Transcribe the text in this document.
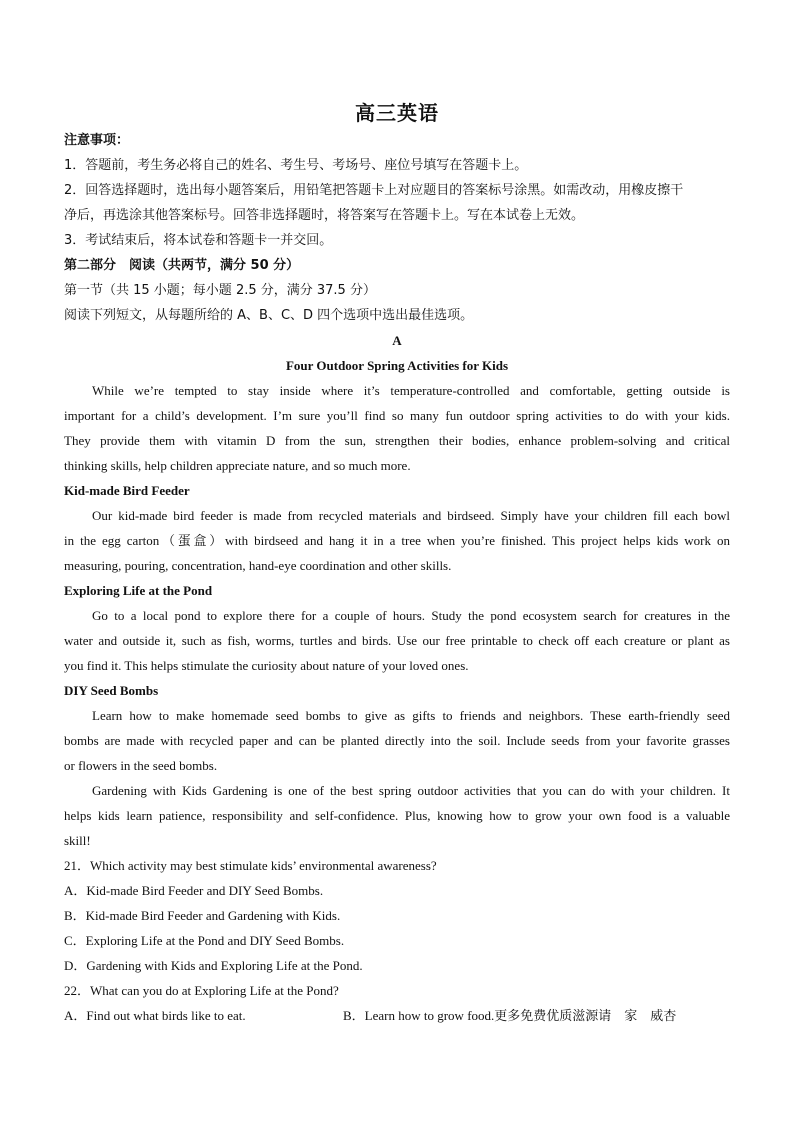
高三英语
注意事项：
1．答题前，考生务必将自己的姓名、考生号、考场号、座位号填写在答题卡上。
2．回答选择题时，选出每小题答案后，用铅笔把答题卡上对应题目的答案标号涂黑。如需改动，用橡皮擦干
净后，再选涂其他答案标号。回答非选择题时，将答案写在答题卡上。写在本试卷上无效。
3．考试结束后，将本试卷和答题卡一并交回。
第二部分　阅读（共两节，满分 50 分）
第一节（共 15 小题；每小题 2.5 分，满分 37.5 分）
阅读下列短文，从每题所给的 A、B、C、D 四个选项中选出最佳选项。
A
Four Outdoor Spring Activities for Kids
While we’re tempted to stay inside where it’s temperature-controlled and comfortable, getting outside is
important for a child’s development. I’m sure you’ll find so many fun outdoor spring activities to do with your kids.
They provide them with vitamin D from the sun, strengthen their bodies, enhance problem-solving and critical
thinking skills, help children appreciate nature, and so much more.
Kid-made Bird Feeder
Our kid-made bird feeder is made from recycled materials and birdseed. Simply have your children fill each bowl
in the egg carton（蛋盒）with birdseed and hang it in a tree when you’re finished. This project helps kids work on
measuring, pouring, concentration, hand-eye coordination and other skills.
Exploring Life at the Pond
Go to a local pond to explore there for a couple of hours. Study the pond ecosystem search for creatures in the
water and outside it, such as fish, worms, turtles and birds. Use our free printable to check off each creature or plant as
you find it. This helps stimulate the curiosity about nature of your loved ones.
DIY Seed Bombs
Learn how to make homemade seed bombs to give as gifts to friends and neighbors. These earth-friendly seed
bombs are made with recycled paper and can be planted directly into the soil. Include seeds from your favorite grasses
or flowers in the seed bombs.
Gardening with Kids Gardening is one of the best spring outdoor activities that you can do with your children. It
helps kids learn patience, responsibility and self-confidence. Plus, knowing how to grow your own food is a valuable
skill!
21．Which activity may best stimulate kids’ environmental awareness?
A．Kid-made Bird Feeder and DIY Seed Bombs.
B．Kid-made Bird Feeder and Gardening with Kids.
C．Exploring Life at the Pond and DIY Seed Bombs.
D．Gardening with Kids and Exploring Life at the Pond.
22．What can you do at Exploring Life at the Pond?
A．Find out what birds like to eat.	B．Learn how to grow food.更多免费优质滋源请　家　威杏
